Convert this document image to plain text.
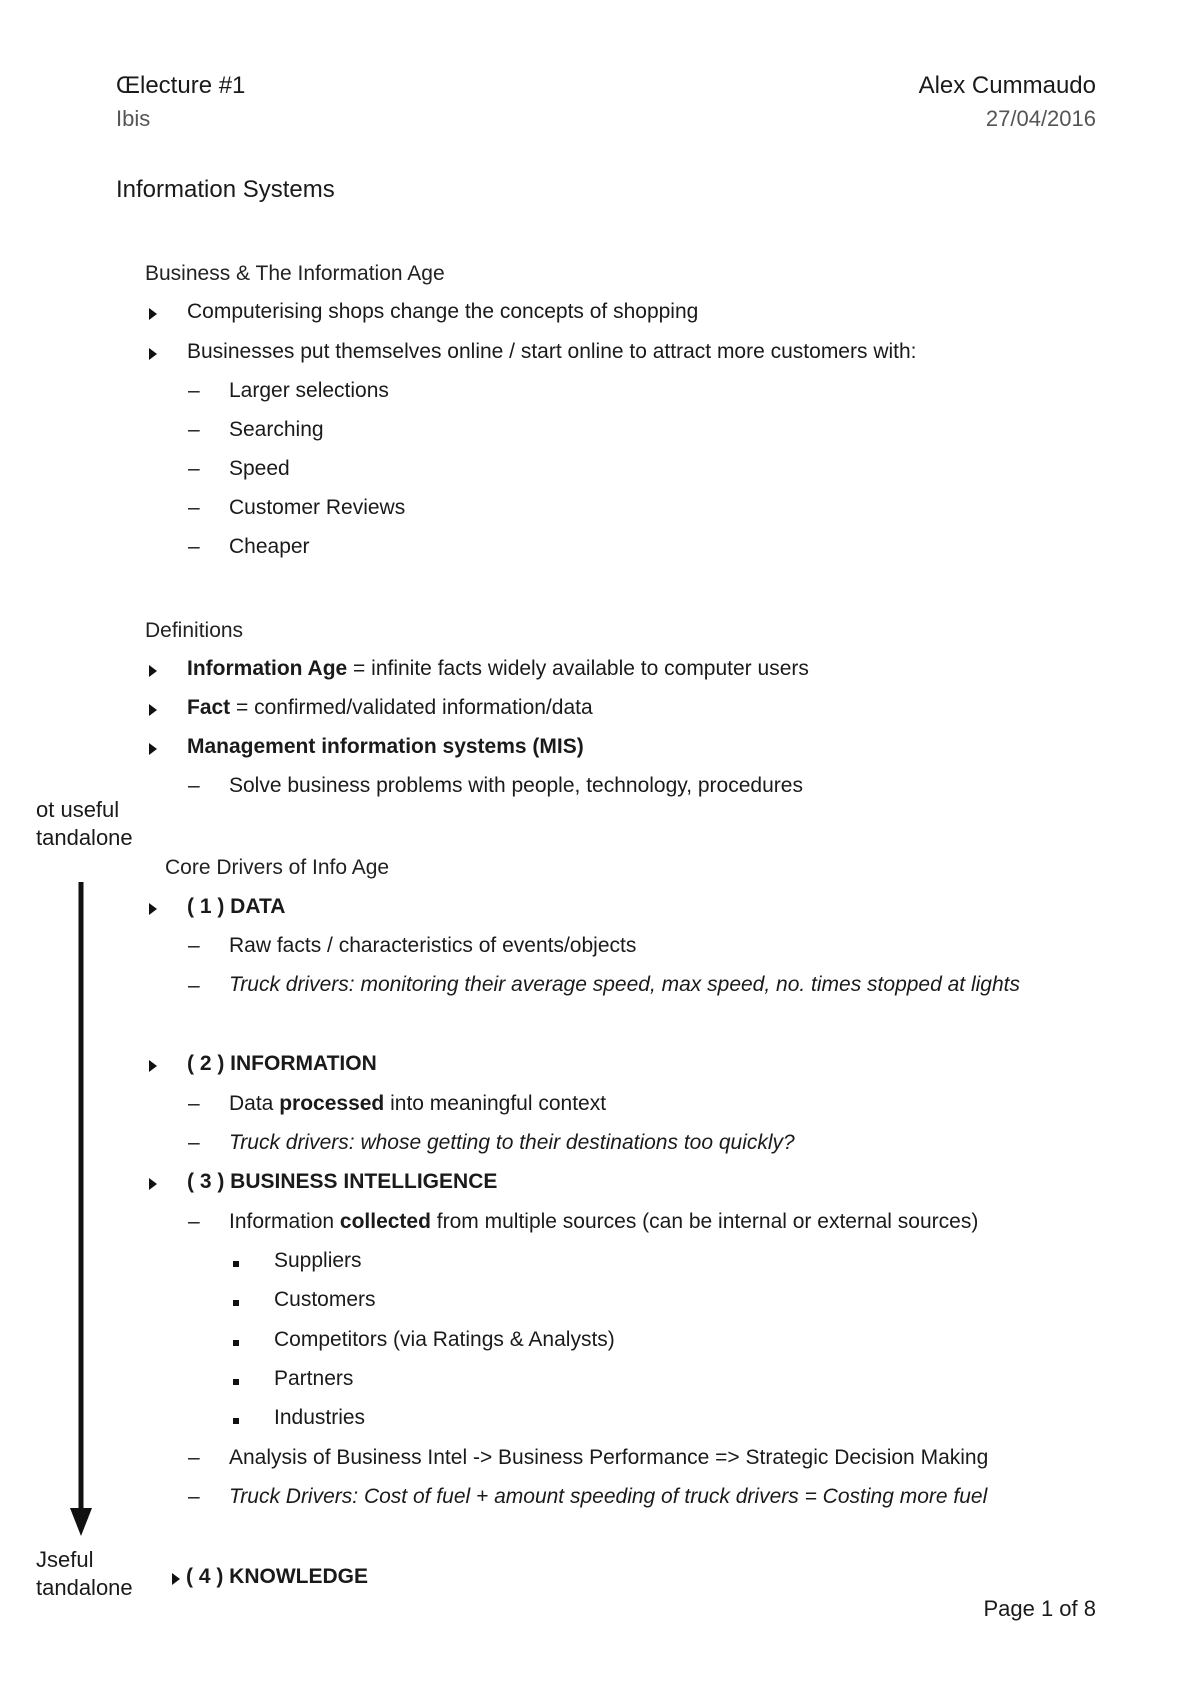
Œlecture #1	Alex Cummaudo
Ibis	27/04/2016
Information Systems
Business & The Information Age
Computerising shops change the concepts of shopping
Businesses put themselves online / start online to attract more customers with:
– Larger selections
– Searching
– Speed
– Customer Reviews
– Cheaper
Definitions
Information Age = infinite facts widely available to computer users
Fact = confirmed/validated information/data
Management information systems (MIS)
– Solve business problems with people, technology, procedures
ot useful
tandalone
Core Drivers of Info Age
( 1 ) DATA
– Raw facts / characteristics of events/objects
– Truck drivers: monitoring their average speed, max speed, no. times stopped at lights
( 2 ) INFORMATION
– Data processed into meaningful context
– Truck drivers: whose getting to their destinations too quickly?
( 3 ) BUSINESS INTELLIGENCE
– Information collected from multiple sources (can be internal or external sources)
Suppliers
Customers
Competitors (via Ratings & Analysts)
Partners
Industries
– Analysis of Business Intel -> Business Performance => Strategic Decision Making
– Truck Drivers: Cost of fuel + amount speeding of truck drivers = Costing more fuel
Jseful
tandalone	( 4 ) KNOWLEDGE
Page 1 of 8
